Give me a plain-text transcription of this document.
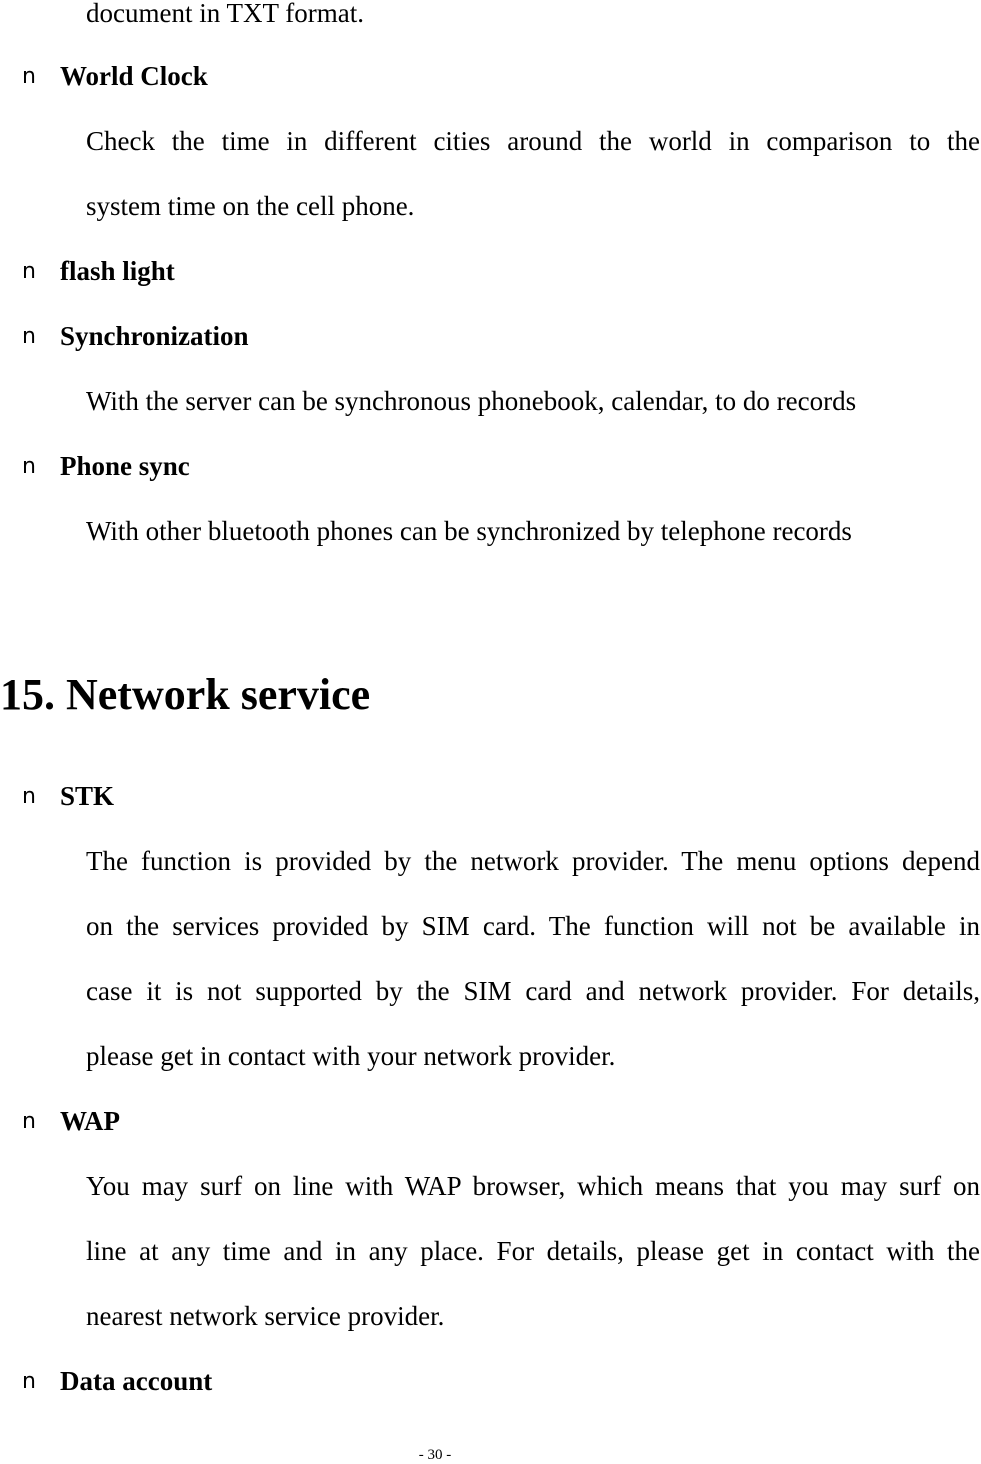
document in TXT format.
n World Clock
Check the time in different cities around the world in comparison to the
system time on the cell phone.
n flash light
n Synchronization
With the server can be synchronous phonebook, calendar, to do records
n Phone sync
With other bluetooth phones can be synchronized by telephone records
15. Network service
n STK
The function is provided by the network provider. The menu options depend
on the services provided by SIM card. The function will not be available in
case it is not supported by the SIM card and network provider. For details,
please get in contact with your network provider.
n WAP
You may surf on line with WAP browser, which means that you may surf on
line at any time and in any place. For details, please get in contact with the
nearest network service provider.
n Data account
- 30 -
